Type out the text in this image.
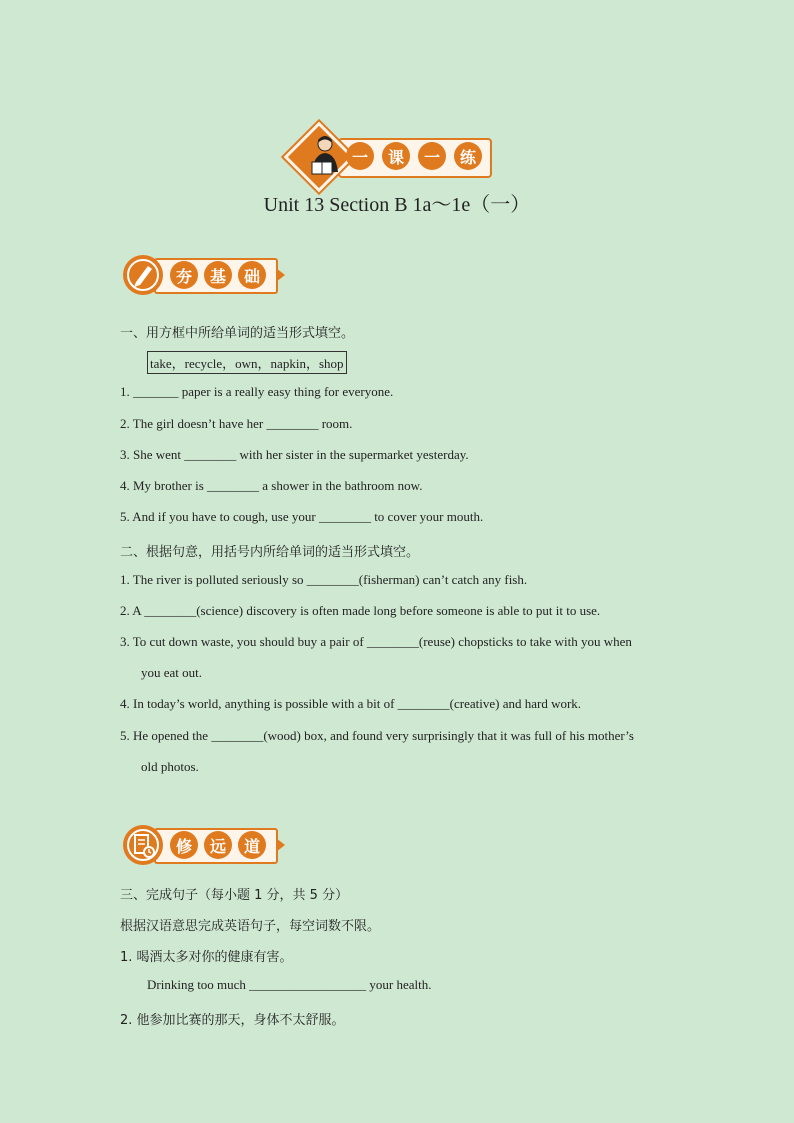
一	课	一	练
Unit 13 Section B 1a～1e（一）
夯	基	础
一、用方框中所给单词的适当形式填空。
take，recycle，own，napkin，shop
1. _______ paper is a really easy thing for everyone.
2. The girl doesn’t have her ________ room.
3. She went ________ with her sister in the supermarket yesterday.
4. My brother is ________ a shower in the bathroom now.
5. And if you have to cough, use your ________ to cover your mouth.
二、根据句意，用括号内所给单词的适当形式填空。
1. The river is polluted seriously so ________(fisherman) can’t catch any fish.
2. A ________(science) discovery is often made long before someone is able to put it to use.
3. To cut down waste, you should buy a pair of ________(reuse) chopsticks to take with you when
you eat out.
4. In today’s world, anything is possible with a bit of ________(creative) and hard work.
5. He opened the ________(wood) box, and found very surprisingly that it was full of his mother’s
old photos.
修	远	道
三、完成句子（每小题 1 分，共 5 分）
根据汉语意思完成英语句子，每空词数不限。
1. 喝酒太多对你的健康有害。
Drinking too much __________________ your health.
2. 他参加比赛的那天，身体不太舒服。
